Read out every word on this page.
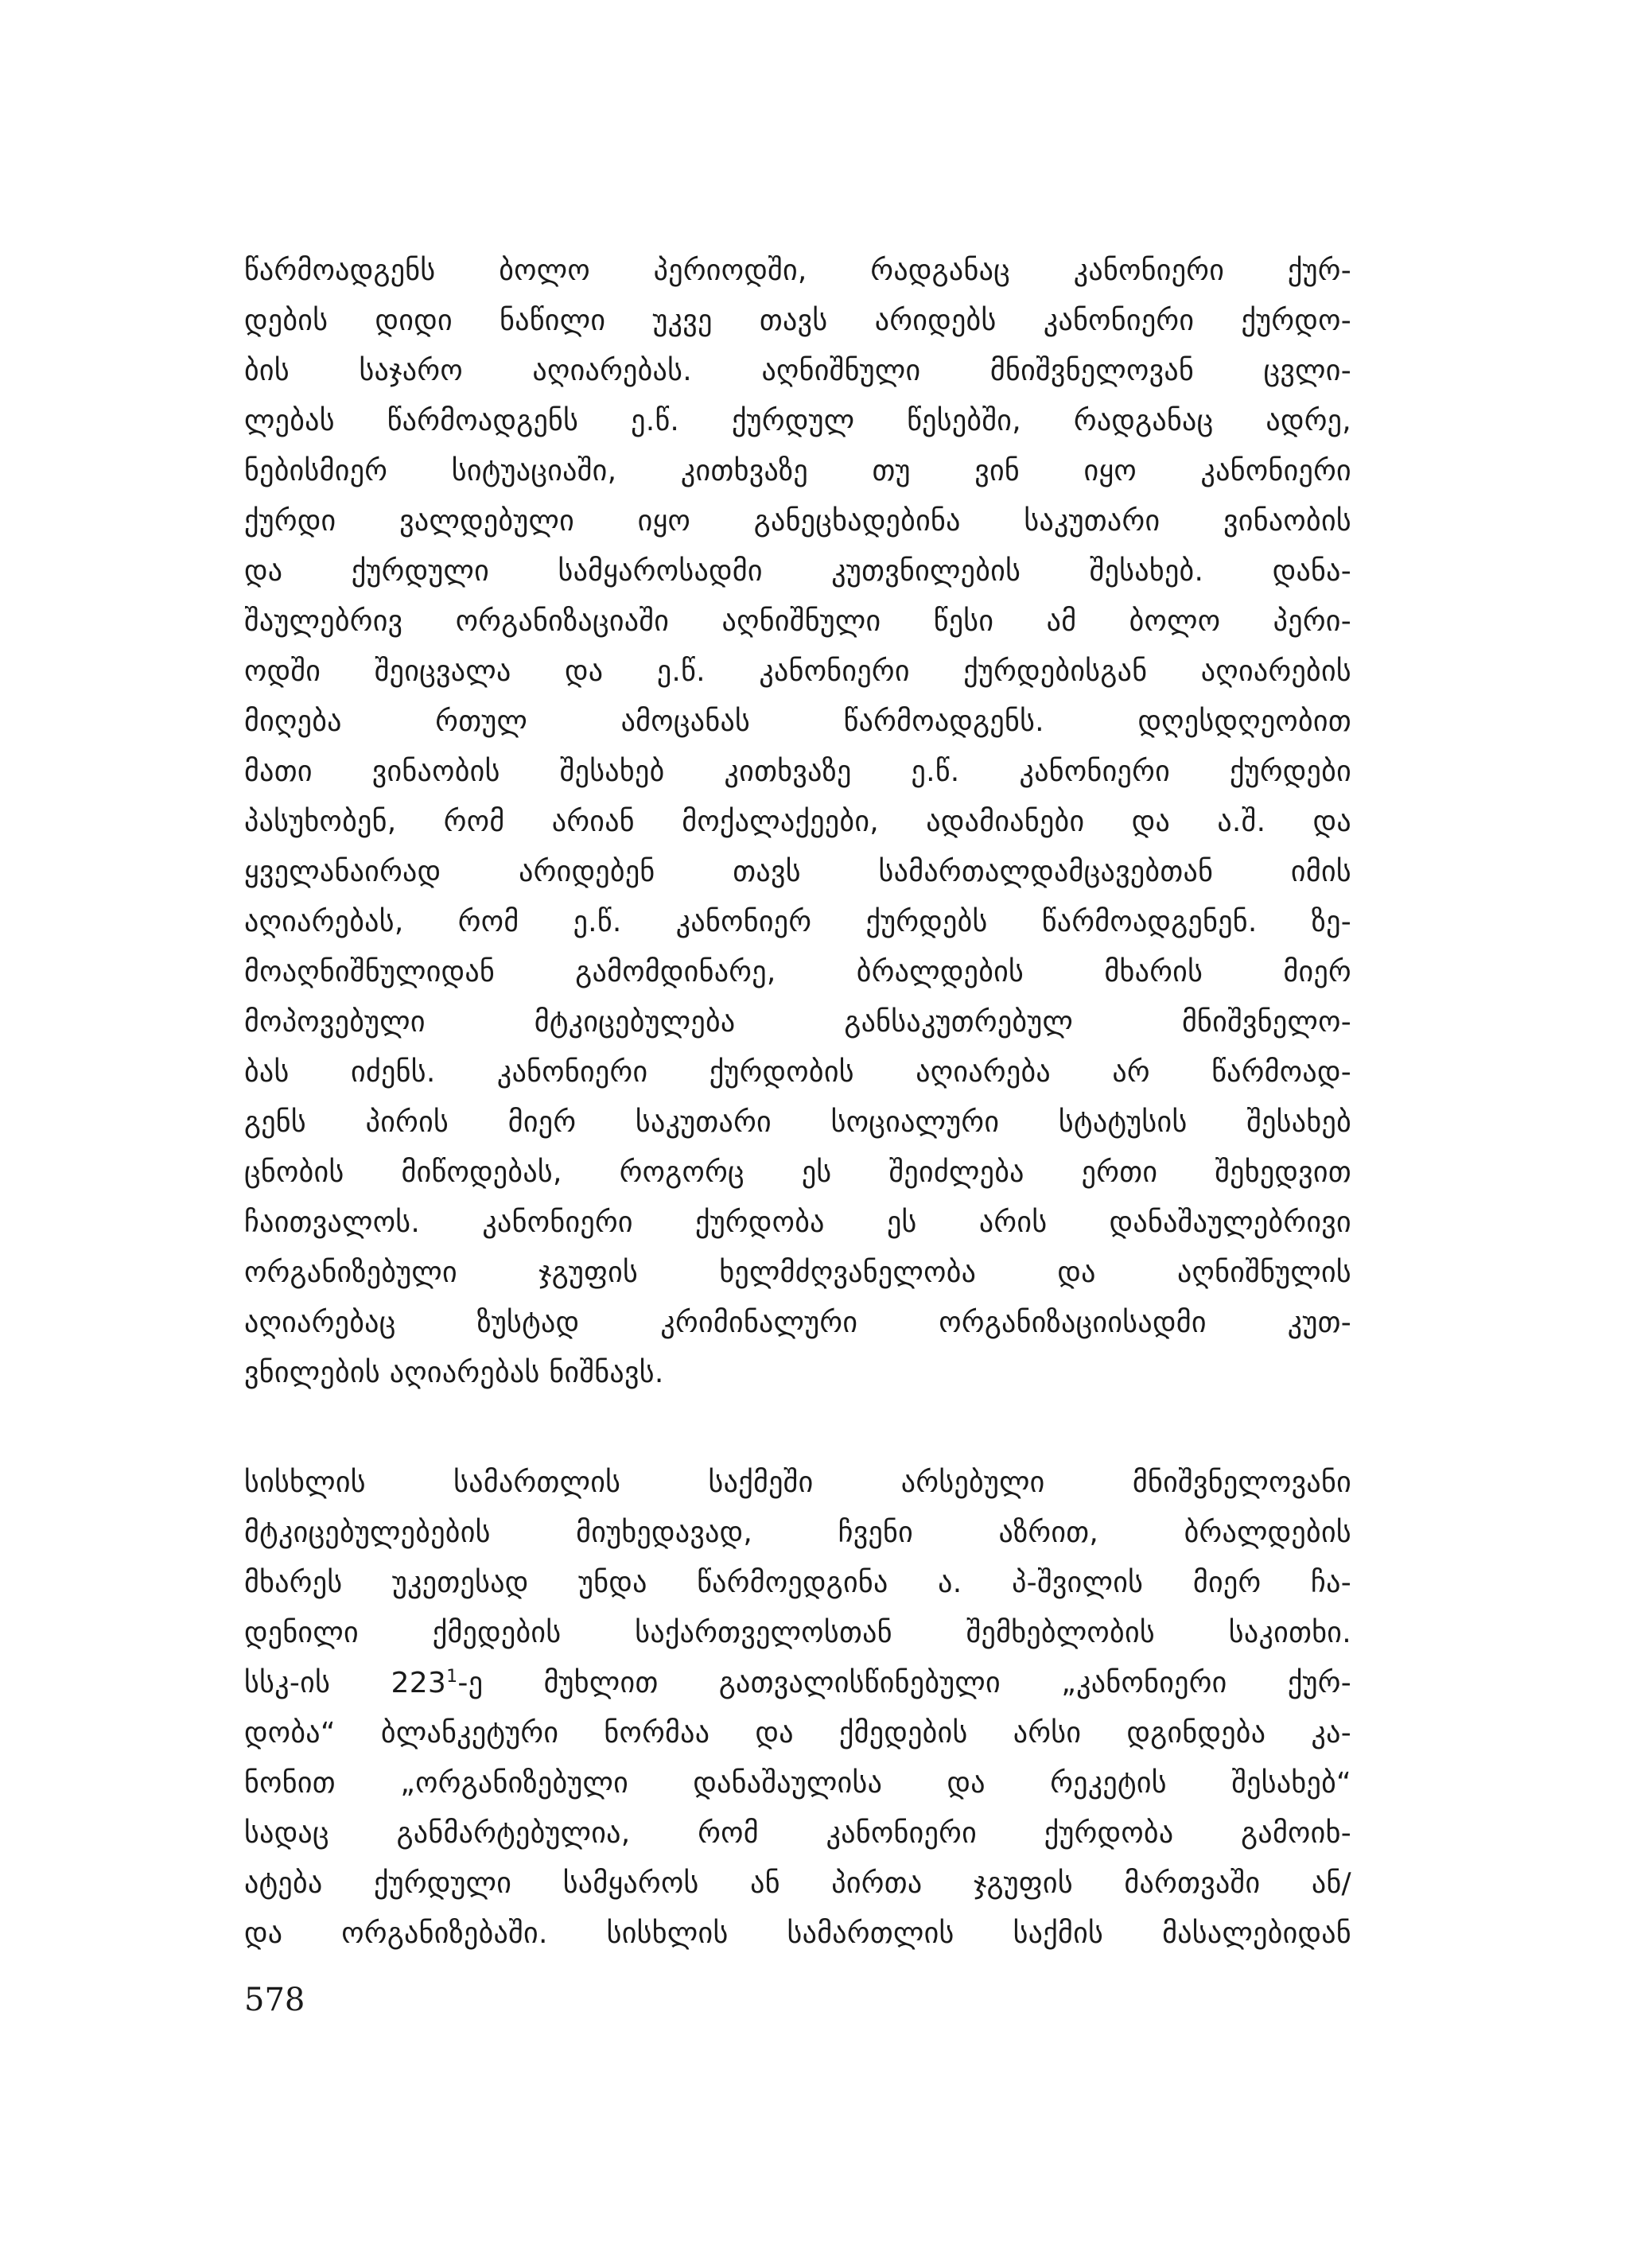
წარმოადგენს ბოლო პერიოდში, რადგანაც კანონიერი ქურ-
დების დიდი ნაწილი უკვე თავს არიდებს კანონიერი ქურდო-
ბის საჯარო აღიარებას. აღნიშნული მნიშვნელოვან ცვლი-
ლებას წარმოადგენს ე.წ. ქურდულ წესებში, რადგანაც ადრე,
ნებისმიერ სიტუაციაში, კითხვაზე თუ ვინ იყო კანონიერი
ქურდი ვალდებული იყო განეცხადებინა საკუთარი ვინაობის
და ქურდული სამყაროსადმი კუთვნილების შესახებ. დანა-
შაულებრივ ორგანიზაციაში აღნიშნული წესი ამ ბოლო პერი-
ოდში შეიცვალა და ე.წ. კანონიერი ქურდებისგან აღიარების
მიღება რთულ ამოცანას წარმოადგენს. დღესდღეობით
მათი ვინაობის შესახებ კითხვაზე ე.წ. კანონიერი ქურდები
პასუხობენ, რომ არიან მოქალაქეები, ადამიანები და ა.შ. და
ყველანაირად არიდებენ თავს სამართალდამცავებთან იმის
აღიარებას, რომ ე.წ. კანონიერ ქურდებს წარმოადგენენ. ზე-
მოაღნიშნულიდან გამომდინარე, ბრალდების მხარის მიერ
მოპოვებული მტკიცებულება განსაკუთრებულ მნიშვნელო-
ბას იძენს. კანონიერი ქურდობის აღიარება არ წარმოად-
გენს პირის მიერ საკუთარი სოციალური სტატუსის შესახებ
ცნობის მიწოდებას, როგორც ეს შეიძლება ერთი შეხედვით
ჩაითვალოს. კანონიერი ქურდობა ეს არის დანაშაულებრივი
ორგანიზებული ჯგუფის ხელმძღვანელობა და აღნიშნულის
აღიარებაც ზუსტად კრიმინალური ორგანიზაციისადმი კუთ-
ვნილების აღიარებას ნიშნავს.
სისხლის სამართლის საქმეში არსებული მნიშვნელოვანი
მტკიცებულებების მიუხედავად, ჩვენი აზრით, ბრალდების
მხარეს უკეთესად უნდა წარმოედგინა ა. პ-შვილის მიერ ჩა-
დენილი ქმედების საქართველოსთან შემხებლობის საკითხი.
სსკ-ის $223^1-ე$ მუხლით გათვალისწინებული „კანონიერი ქურ-
დობა“ ბლანკეტური ნორმაა და ქმედების არსი დგინდება კა-
ნონით „ორგანიზებული დანაშაულისა და რეკეტის შესახებ“
სადაც განმარტებულია, რომ კანონიერი ქურდობა გამოიხ-
ატება ქურდული სამყაროს ან პირთა ჯგუფის მართვაში ან/
და ორგანიზებაში. სისხლის სამართლის საქმის მასალებიდან
578
